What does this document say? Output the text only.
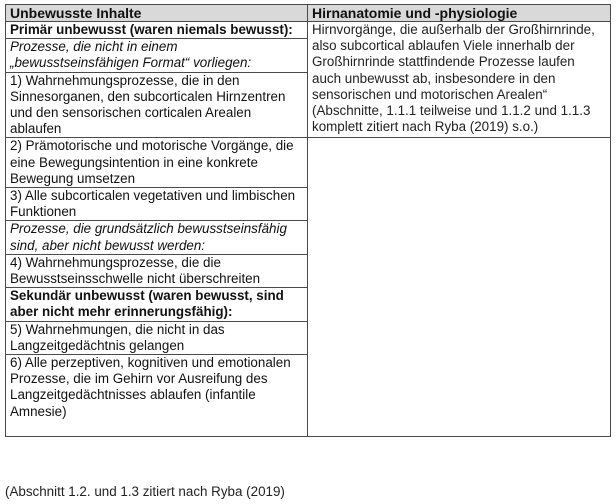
Unbewusste Inhalte	Hirnanatomie und -physiologie
Primär unbewusst (waren niemals bewusst):	Hirnvorgänge, die außerhalb der Großhirnrinde, also subcortical ablaufen Viele innerhalb der Großhirnrinde stattfindende Prozesse laufen auch unbewusst ab, insbesondere in den sensorischen und motorischen Arealen“ (Abschnitte, 1.1.1 teilweise und 1.1.2 und 1.1.3 komplett zitiert nach Ryba (2019) s.o.)
Prozesse, die nicht in einem „bewusstseinsfähigen Format“ vorliegen:	
1) Wahrnehmungsprozesse, die in den Sinnesorganen, den subcorticalen Hirnzentren und den sensorischen corticalen Arealen ablaufen	
2) Prämotorische und motorische Vorgänge, die eine Bewegungsintention in eine konkrete Bewegung umsetzen	
3) Alle subcorticalen vegetativen und limbischen Funktionen	
Prozesse, die grundsätzlich bewusstseinsfähig sind, aber nicht bewusst werden:	
4) Wahrnehmungsprozesse, die die Bewusstseinsschwelle nicht überschreiten	
Sekundär unbewusst (waren bewusst, sind aber nicht mehr erinnerungsfähig):	
5) Wahrnehmungen, die nicht in das Langzeitgedächtnis gelangen	
6) Alle perzeptiven, kognitiven und emotionalen Prozesse, die im Gehirn vor Ausreifung des Langzeitgedächtnisses ablaufen (infantile Amnesie)	
(Abschnitt 1.2. und 1.3 zitiert nach Ryba (2019)
